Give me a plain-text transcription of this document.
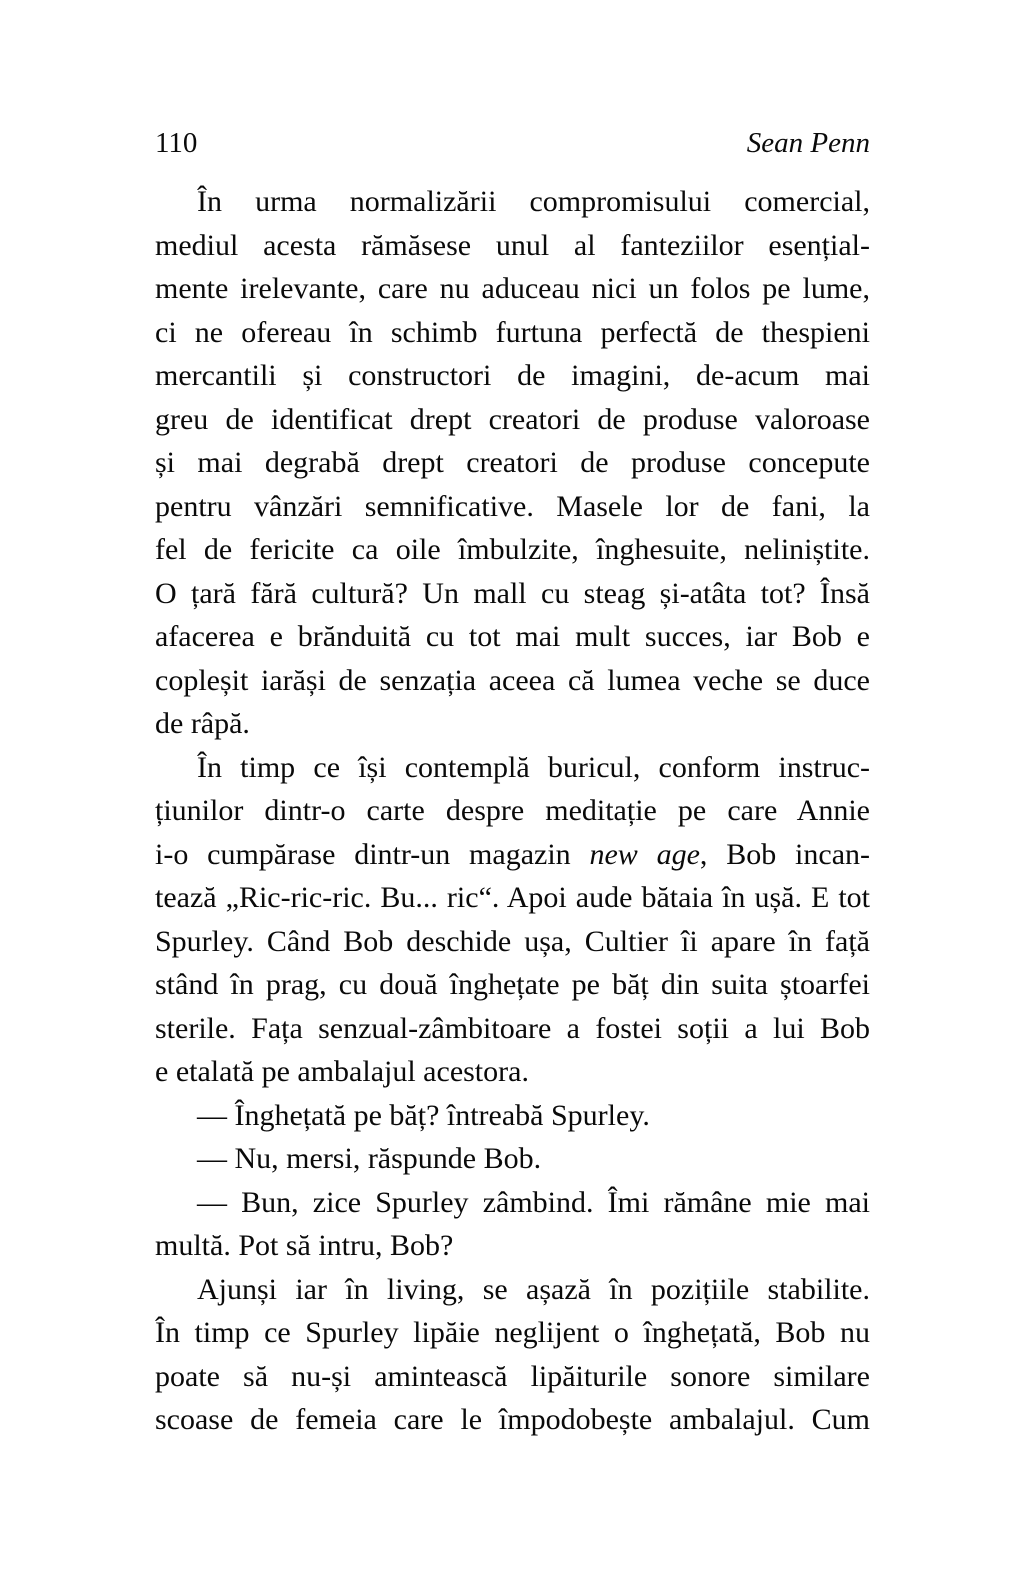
110	Sean Penn
În urma normalizării compromisului comercial,
mediul acesta rămăsese unul al fanteziilor esențial-
mente irelevante, care nu aduceau nici un folos pe lume,
ci ne ofereau în schimb furtuna perfectă de thespieni
mercantili și constructori de imagini, de-acum mai
greu de identificat drept creatori de produse valoroase
și mai degrabă drept creatori de produse concepute
pentru vânzări semnificative. Masele lor de fani, la
fel de fericite ca oile îmbulzite, înghesuite, neliniștite.
O țară fără cultură? Un mall cu steag și-atâta tot? Însă
afacerea e brănduită cu tot mai mult succes, iar Bob e
copleșit iarăși de senzația aceea că lumea veche se duce
de râpă.
În timp ce își contemplă buricul, conform instruc-
țiunilor dintr-o carte despre meditație pe care Annie
i-o cumpărase dintr-un magazin new age, Bob incan-
tează „Ric-ric-ric. Bu... ric“. Apoi aude bătaia în ușă. E tot
Spurley. Când Bob deschide ușa, Cultier îi apare în față
stând în prag, cu două înghețate pe băț din suita ștoarfei
sterile. Fața senzual-zâmbitoare a fostei soții a lui Bob
e etalată pe ambalajul acestora.
— Înghețată pe băț? întreabă Spurley.
— Nu, mersi, răspunde Bob.
— Bun, zice Spurley zâmbind. Îmi rămâne mie mai
multă. Pot să intru, Bob?
Ajunși iar în living, se așază în pozițiile stabilite.
În timp ce Spurley lipăie neglijent o înghețată, Bob nu
poate să nu-și amintească lipăiturile sonore similare
scoase de femeia care le împodobește ambalajul. Cum
